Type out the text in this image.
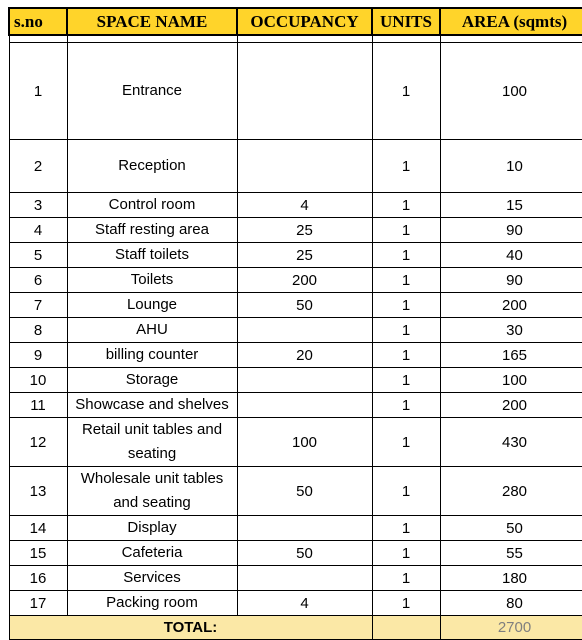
s.no	SPACE NAME	OCCUPANCY	UNITS	AREA (sqmts)

1	Entrance		1	100
2	Reception		1	10
3	Control room	4	1	15
4	Staff resting area	25	1	90
5	Staff toilets	25	1	40
6	Toilets	200	1	90
7	Lounge	50	1	200
8	AHU		1	30
9	billing counter	20	1	165
10	Storage		1	100
11	Showcase and shelves		1	200
12	Retail unit tables and seating	100	1	430
13	Wholesale unit tables and seating	50	1	280
14	Display		1	50
15	Cafeteria	50	1	55
16	Services		1	180
17	Packing room	4	1	80
TOTAL:				2700
